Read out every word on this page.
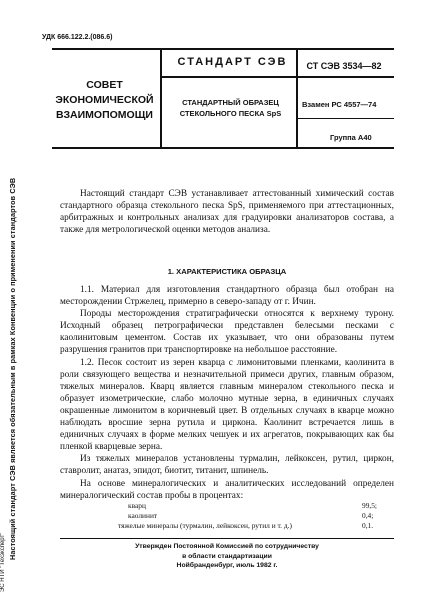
УДК 666.122.2.(086.6)
Настоящий стандарт СЭВ является обязательным в рамках Конвенции о применении стандартов СЭВ
ЭС НТИ "Техэксперт"
СОВЕТ
ЭКОНОМИЧЕСКОЙ
ВЗАИМОПОМОЩИ
СТАНДАРТ СЭВ	СТ СЭВ 3534—82
СТАНДАРТНЫЙ ОБРАЗЕЦ
СТЕКОЛЬНОГО ПЕСКА SpS
Взамен РС 4557—74
Группа А40

Настоящий стандарт СЭВ устанавливает аттестованный химический состав стандартного образца стекольного песка SpS, применяемого при аттестационных, арбитражных и контрольных анализах для градуировки анализаторов состава, а также для метрологической оценки методов анализа.

1. ХАРАКТЕРИСТИКА ОБРАЗЦА

1.1. Материал для изготовления стандартного образца был отобран на месторождении Стржелец, примерно в северо-западу от г. Ичин.

Породы месторождения стратиграфически относятся к верхнему турону. Исходный образец петрографически представлен белесыми песками с каолинитовым цементом. Состав их указывает, что они образованы путем разрушения гранитов при транспортировке на небольшое расстояние.

1.2. Песок состоит из зерен кварца с лимонитовыми пленками, каолинита в роли связующего вещества и незначительной примеси других, главным образом, тяжелых минералов. Кварц является главным минералом стекольного песка и образует изометрические, слабо молочно мутные зерна, в единичных случаях окрашенные лимонитом в коричневый цвет. В отдельных случаях в кварце можно наблюдать вросшие зерна рутила и циркона. Каолинит встречается лишь в единичных случаях в форме мелких чешуек и их агрегатов, покрывающих как бы пленкой кварцевые зерна.

Из тяжелых минералов установлены турмалин, лейкоксен, рутил, циркон, ставролит, анатаз, эпидот, биотит, титанит, шпинель.

На основе минералогических и аналитических исследований определен минералогический состав пробы в процентах:

кварц	99,5;
каолинит	0,4;
тяжелые минералы (турмалин, лейкоксен, рутил и т. д.)	0,1.
Утвержден Постоянной Комиссией по сотрудничеству
в области стандартизации
Нойбранденбург, июль 1982 г.
